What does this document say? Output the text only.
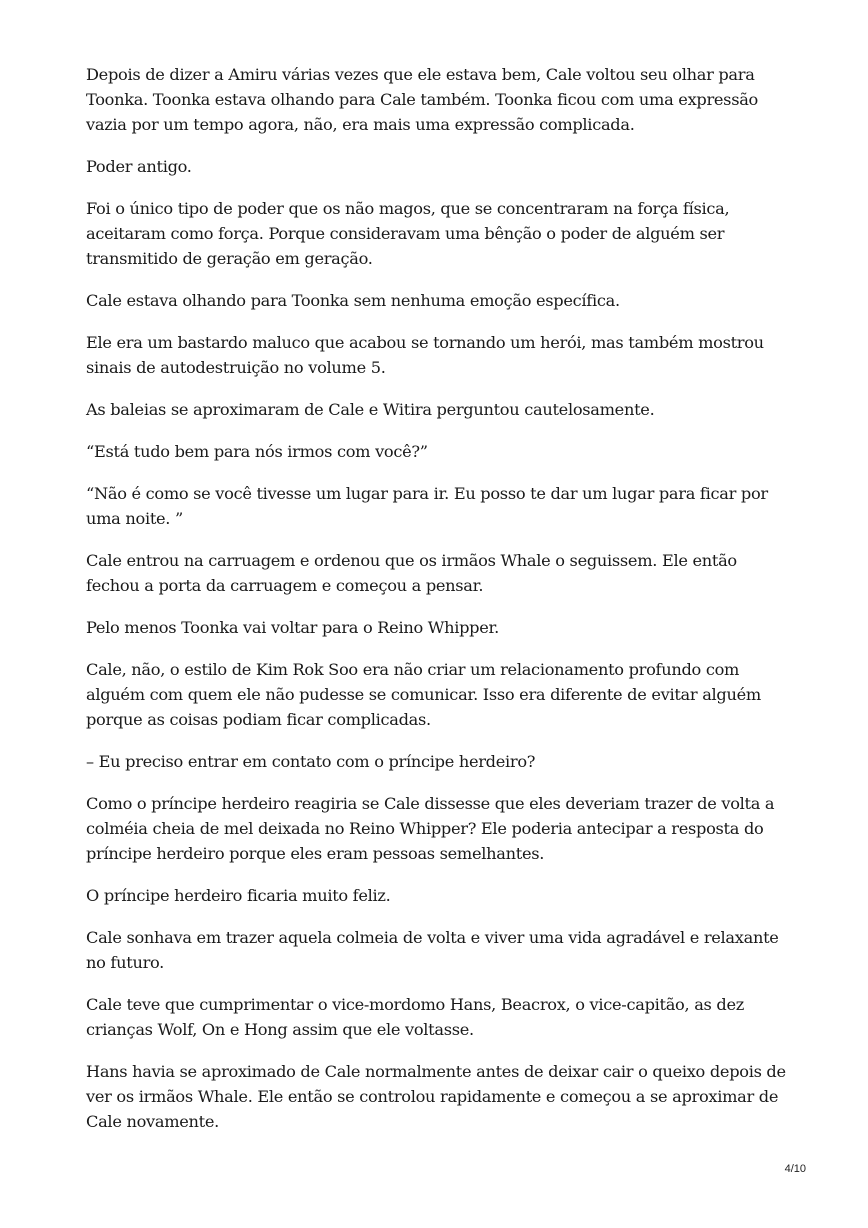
Depois de dizer a Amiru várias vezes que ele estava bem, Cale voltou seu olhar para Toonka. Toonka estava olhando para Cale também. Toonka ficou com uma expressão vazia por um tempo agora, não, era mais uma expressão complicada.

Poder antigo.

Foi o único tipo de poder que os não magos, que se concentraram na força física, aceitaram como força. Porque consideravam uma bênção o poder de alguém ser transmitido de geração em geração.

Cale estava olhando para Toonka sem nenhuma emoção específica.

Ele era um bastardo maluco que acabou se tornando um herói, mas também mostrou sinais de autodestruição no volume 5.

As baleias se aproximaram de Cale e Witira perguntou cautelosamente.

“Está tudo bem para nós irmos com você?”

“Não é como se você tivesse um lugar para ir. Eu posso te dar um lugar para ficar por uma noite. ”

Cale entrou na carruagem e ordenou que os irmãos Whale o seguissem. Ele então fechou a porta da carruagem e começou a pensar.

Pelo menos Toonka vai voltar para o Reino Whipper.

Cale, não, o estilo de Kim Rok Soo era não criar um relacionamento profundo com alguém com quem ele não pudesse se comunicar. Isso era diferente de evitar alguém porque as coisas podiam ficar complicadas.

– Eu preciso entrar em contato com o príncipe herdeiro?

Como o príncipe herdeiro reagiria se Cale dissesse que eles deveriam trazer de volta a colméia cheia de mel deixada no Reino Whipper? Ele poderia antecipar a resposta do príncipe herdeiro porque eles eram pessoas semelhantes.

O príncipe herdeiro ficaria muito feliz.

Cale sonhava em trazer aquela colmeia de volta e viver uma vida agradável e relaxante no futuro.

Cale teve que cumprimentar o vice-mordomo Hans, Beacrox, o vice-capitão, as dez crianças Wolf, On e Hong assim que ele voltasse.

Hans havia se aproximado de Cale normalmente antes de deixar cair o queixo depois de ver os irmãos Whale. Ele então se controlou rapidamente e começou a se aproximar de Cale novamente.

4/10
